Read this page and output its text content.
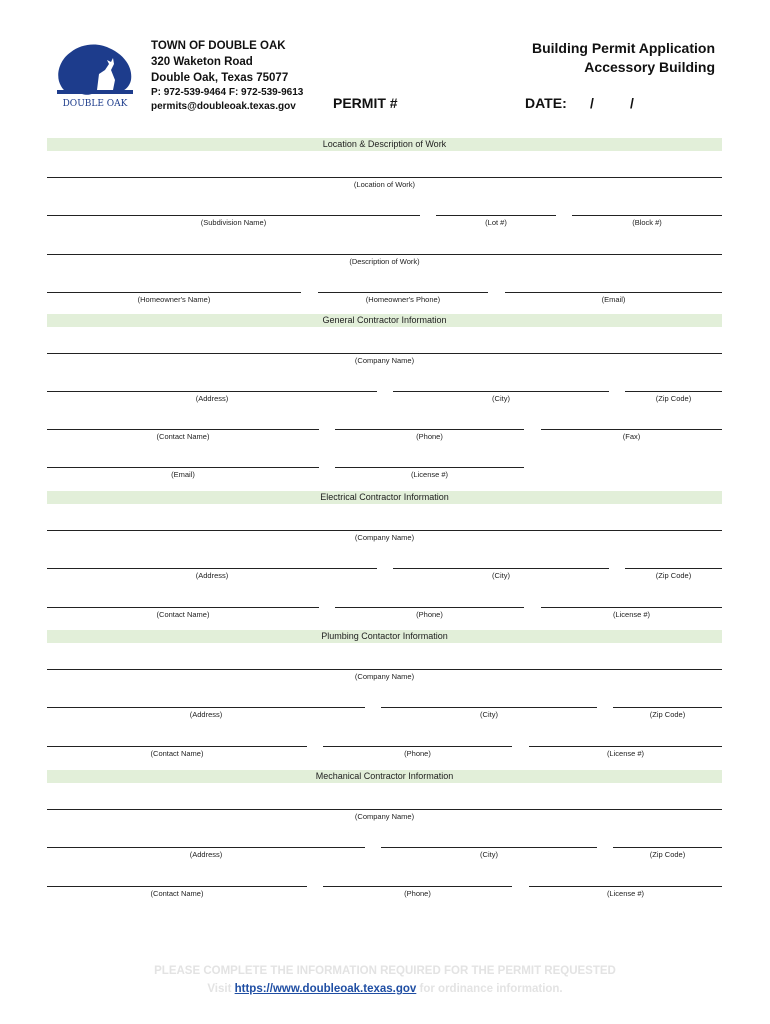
DOUBLE OAK
TOWN OF DOUBLE OAK
320 Waketon Road
Double Oak, Texas 75077
P: 972-539-9464 F: 972-539-9613
permits@doubleoak.texas.gov
Building Permit Application
Accessory Building
PERMIT #	DATE: /	/
Location & Description of Work
(Location of Work)
(Subdivision Name)	(Lot #)	(Block #)
(Description of Work)
(Homeowner's Name)	(Homeowner's Phone)	(Email)
General Contractor Information
(Company Name)
(Address)	(City)	(Zip Code)
(Contact Name)	(Phone)	(Fax)
(Email)	(License #)
Electrical Contractor Information
(Company Name)
(Address)	(City)	(Zip Code)
(Contact Name)	(Phone)	(License #)
Plumbing Contactor Information
(Company Name)
(Address)	(City)	(Zip Code)
(Contact Name)	(Phone)	(License #)
Mechanical Contractor Information
(Company Name)
(Address)	(City)	(Zip Code)
(Contact Name)	(Phone)	(License #)
PLEASE COMPLETE THE INFORMATION REQUIRED FOR THE PERMIT REQUESTED
Visit https://www.doubleoak.texas.gov for ordinance information.
